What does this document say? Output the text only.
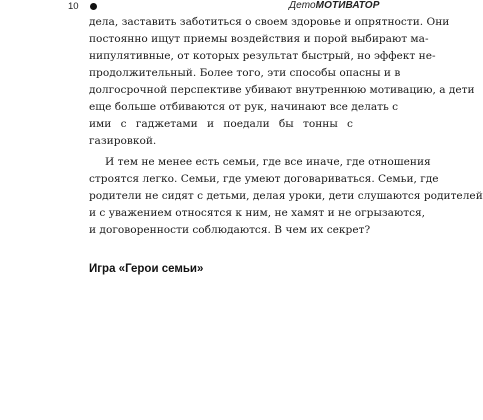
10	ДетоМОТИВАТОР
дела, заставить заботиться о своем здоровье и опрятности. Они
постоянно ищут приемы воздействия и порой выбирают ма-
нипулятивные, от которых результат быстрый, но эффект не-
продолжительный. Более того, эти способы опасны и в
долгосрочной перспективе убивают внутреннюю мотивацию, а дети
еще больше отбиваются от рук, начинают все делать с
ими с гаджетами и поедали бы тонны с
газировкой.
И тем не менее есть семьи, где все иначе, где отношения
строятся легко. Семьи, где умеют договариваться. Семьи, где
родители не сидят с детьми, делая уроки, дети слушаются родителей
и с уважением относятся к ним, не хамят и не огрызаются,
и договоренности соблюдаются. В чем их секрет?
Игра «Герои семьи»
